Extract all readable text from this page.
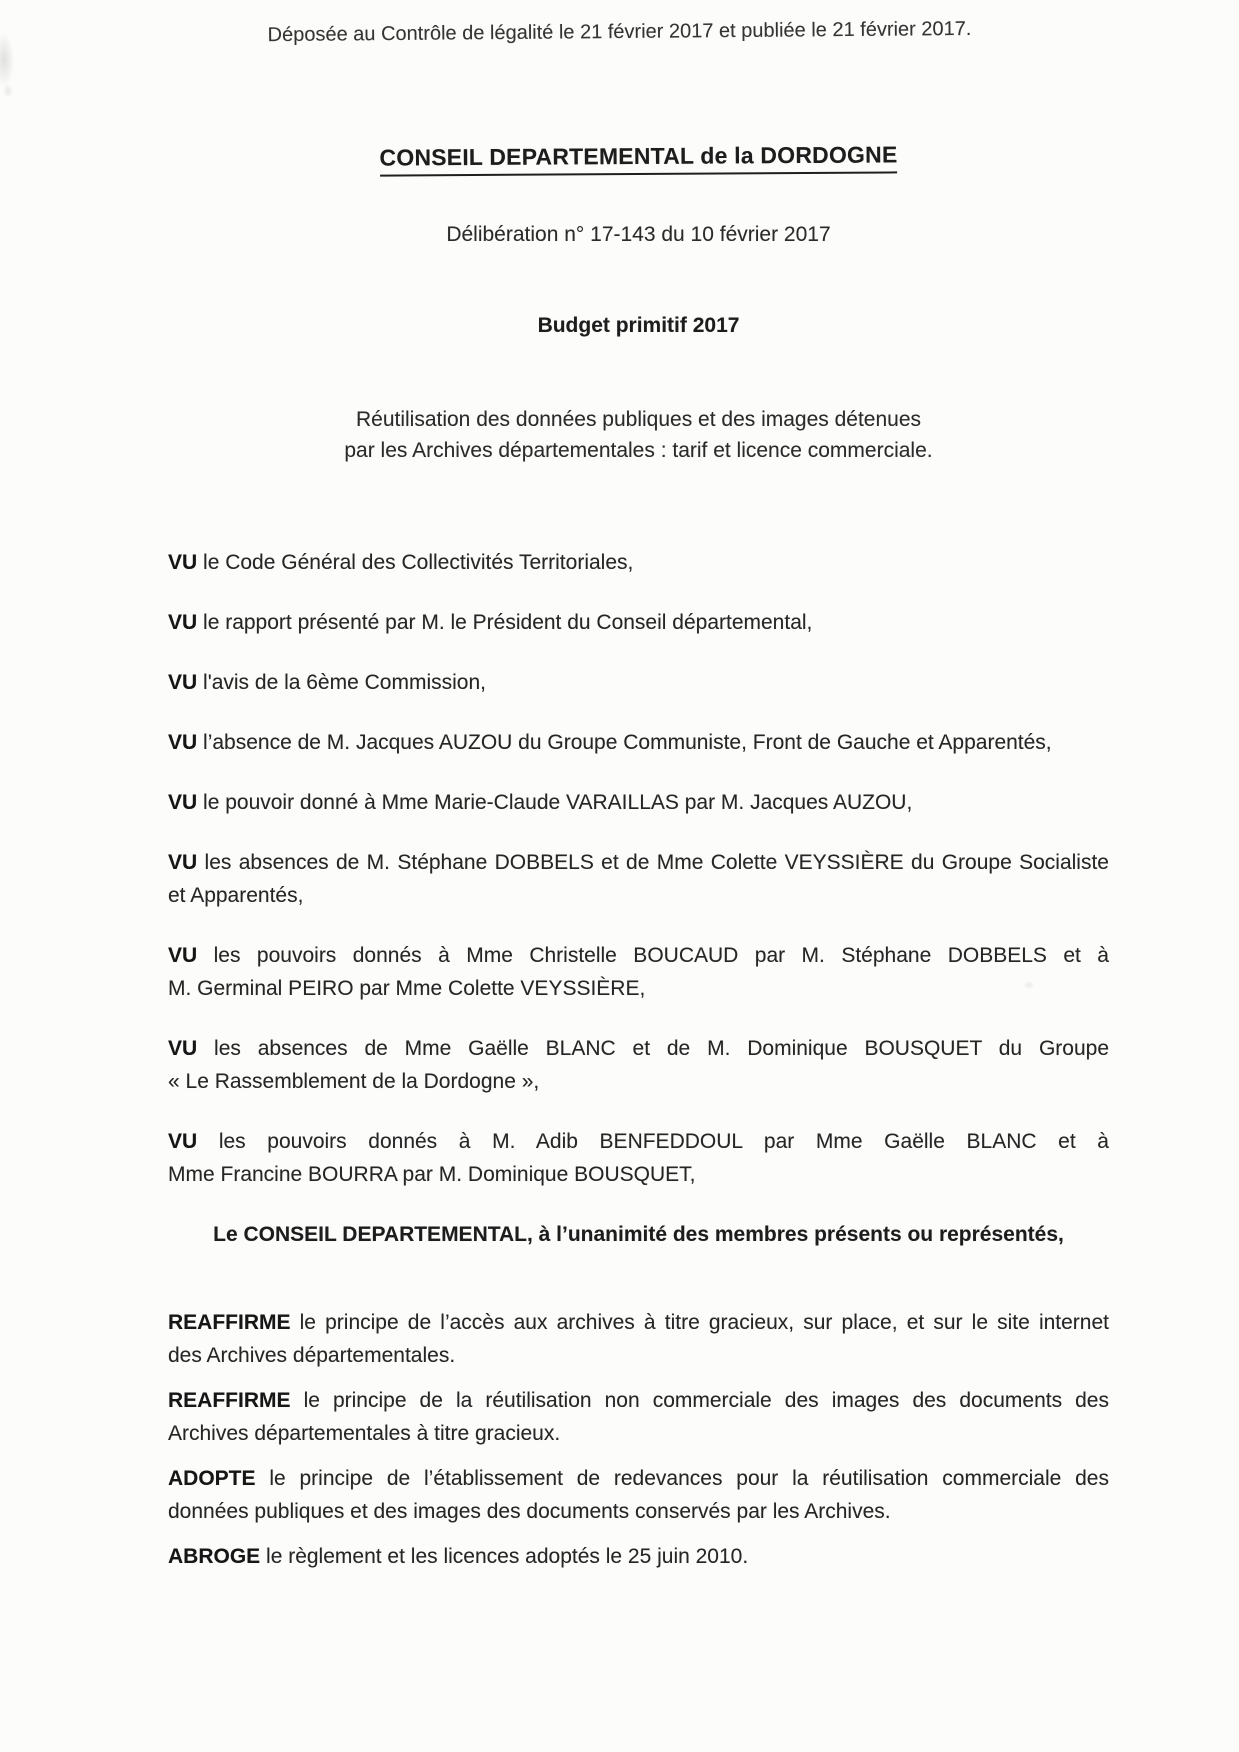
Déposée au Contrôle de légalité le 21 février 2017 et publiée le 21 février 2017.
CONSEIL DEPARTEMENTAL de la DORDOGNE
Délibération n° 17-143 du 10 février 2017
Budget primitif 2017
Réutilisation des données publiques et des images détenues
par les Archives départementales : tarif et licence commerciale.
VU le Code Général des Collectivités Territoriales,
VU le rapport présenté par M. le Président du Conseil départemental,
VU l'avis de la 6ème Commission,
VU l’absence de M. Jacques AUZOU du Groupe Communiste, Front de Gauche et Apparentés,
VU le pouvoir donné à Mme Marie-Claude VARAILLAS par M. Jacques AUZOU,
VU les absences de M. Stéphane DOBBELS et de Mme Colette VEYSSIÈRE du Groupe Socialiste
et Apparentés,
VU les pouvoirs donnés à Mme Christelle BOUCAUD par M. Stéphane DOBBELS et à
M. Germinal PEIRO par Mme Colette VEYSSIÈRE,
VU les absences de Mme Gaëlle BLANC et de M. Dominique BOUSQUET du Groupe
« Le Rassemblement de la Dordogne »,
VU les pouvoirs donnés à M. Adib BENFEDDOUL par Mme Gaëlle BLANC et à
Mme Francine BOURRA par M. Dominique BOUSQUET,
Le CONSEIL DEPARTEMENTAL, à l’unanimité des membres présents ou représentés,
REAFFIRME le principe de l’accès aux archives à titre gracieux, sur place, et sur le site internet
des Archives départementales.
REAFFIRME le principe de la réutilisation non commerciale des images des documents des
Archives départementales à titre gracieux.
ADOPTE le principe de l’établissement de redevances pour la réutilisation commerciale des
données publiques et des images des documents conservés par les Archives.
ABROGE le règlement et les licences adoptés le 25 juin 2010.
